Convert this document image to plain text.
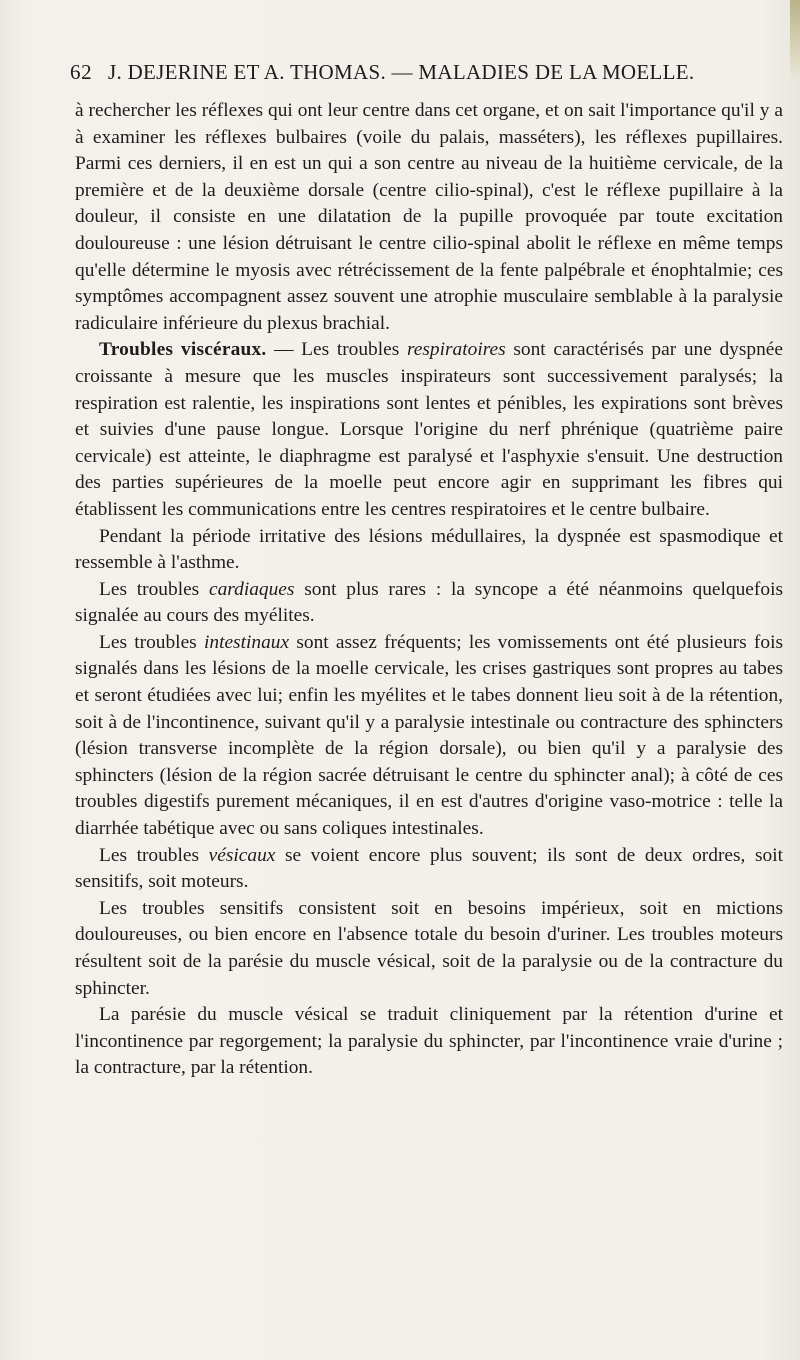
62 J. DEJERINE ET A. THOMAS. — MALADIES DE LA MOELLE.

à rechercher les réflexes qui ont leur centre dans cet organe, et on sait l'importance qu'il y a à examiner les réflexes bulbaires (voile du palais, masséters), les réflexes pupillaires. Parmi ces derniers, il en est un qui a son centre au niveau de la huitième cervicale, de la première et de la deuxième dorsale (centre cilio-spinal), c'est le réflexe pupillaire à la douleur, il consiste en une dilatation de la pupille provoquée par toute excitation douloureuse : une lésion détruisant le centre cilio-spinal abolit le réflexe en même temps qu'elle détermine le myosis avec rétrécissement de la fente palpébrale et énophtalmie; ces symptômes accompagnent assez souvent une atrophie musculaire semblable à la paralysie radiculaire inférieure du plexus brachial.

Troubles viscéraux. — Les troubles respiratoires sont caractérisés par une dyspnée croissante à mesure que les muscles inspirateurs sont successivement paralysés; la respiration est ralentie, les inspirations sont lentes et pénibles, les expirations sont brèves et suivies d'une pause longue. Lorsque l'origine du nerf phrénique (quatrième paire cervicale) est atteinte, le diaphragme est paralysé et l'asphyxie s'ensuit. Une destruction des parties supérieures de la moelle peut encore agir en supprimant les fibres qui établissent les communications entre les centres respiratoires et le centre bulbaire.

Pendant la période irritative des lésions médullaires, la dyspnée est spasmodique et ressemble à l'asthme.

Les troubles cardiaques sont plus rares : la syncope a été néanmoins quelquefois signalée au cours des myélites.

Les troubles intestinaux sont assez fréquents; les vomissements ont été plusieurs fois signalés dans les lésions de la moelle cervicale, les crises gastriques sont propres au tabes et seront étudiées avec lui; enfin les myélites et le tabes donnent lieu soit à de la rétention, soit à de l'incontinence, suivant qu'il y a paralysie intestinale ou contracture des sphincters (lésion transverse incomplète de la région dorsale), ou bien qu'il y a paralysie des sphincters (lésion de la région sacrée détruisant le centre du sphincter anal); à côté de ces troubles digestifs purement mécaniques, il en est d'autres d'origine vaso-motrice : telle la diarrhée tabétique avec ou sans coliques intestinales.

Les troubles vésicaux se voient encore plus souvent; ils sont de deux ordres, soit sensitifs, soit moteurs.

Les troubles sensitifs consistent soit en besoins impérieux, soit en mictions douloureuses, ou bien encore en l'absence totale du besoin d'uriner. Les troubles moteurs résultent soit de la parésie du muscle vésical, soit de la paralysie ou de la contracture du sphincter.

La parésie du muscle vésical se traduit cliniquement par la rétention d'urine et l'incontinence par regorgement; la paralysie du sphincter, par l'incontinence vraie d'urine ; la contracture, par la rétention.
